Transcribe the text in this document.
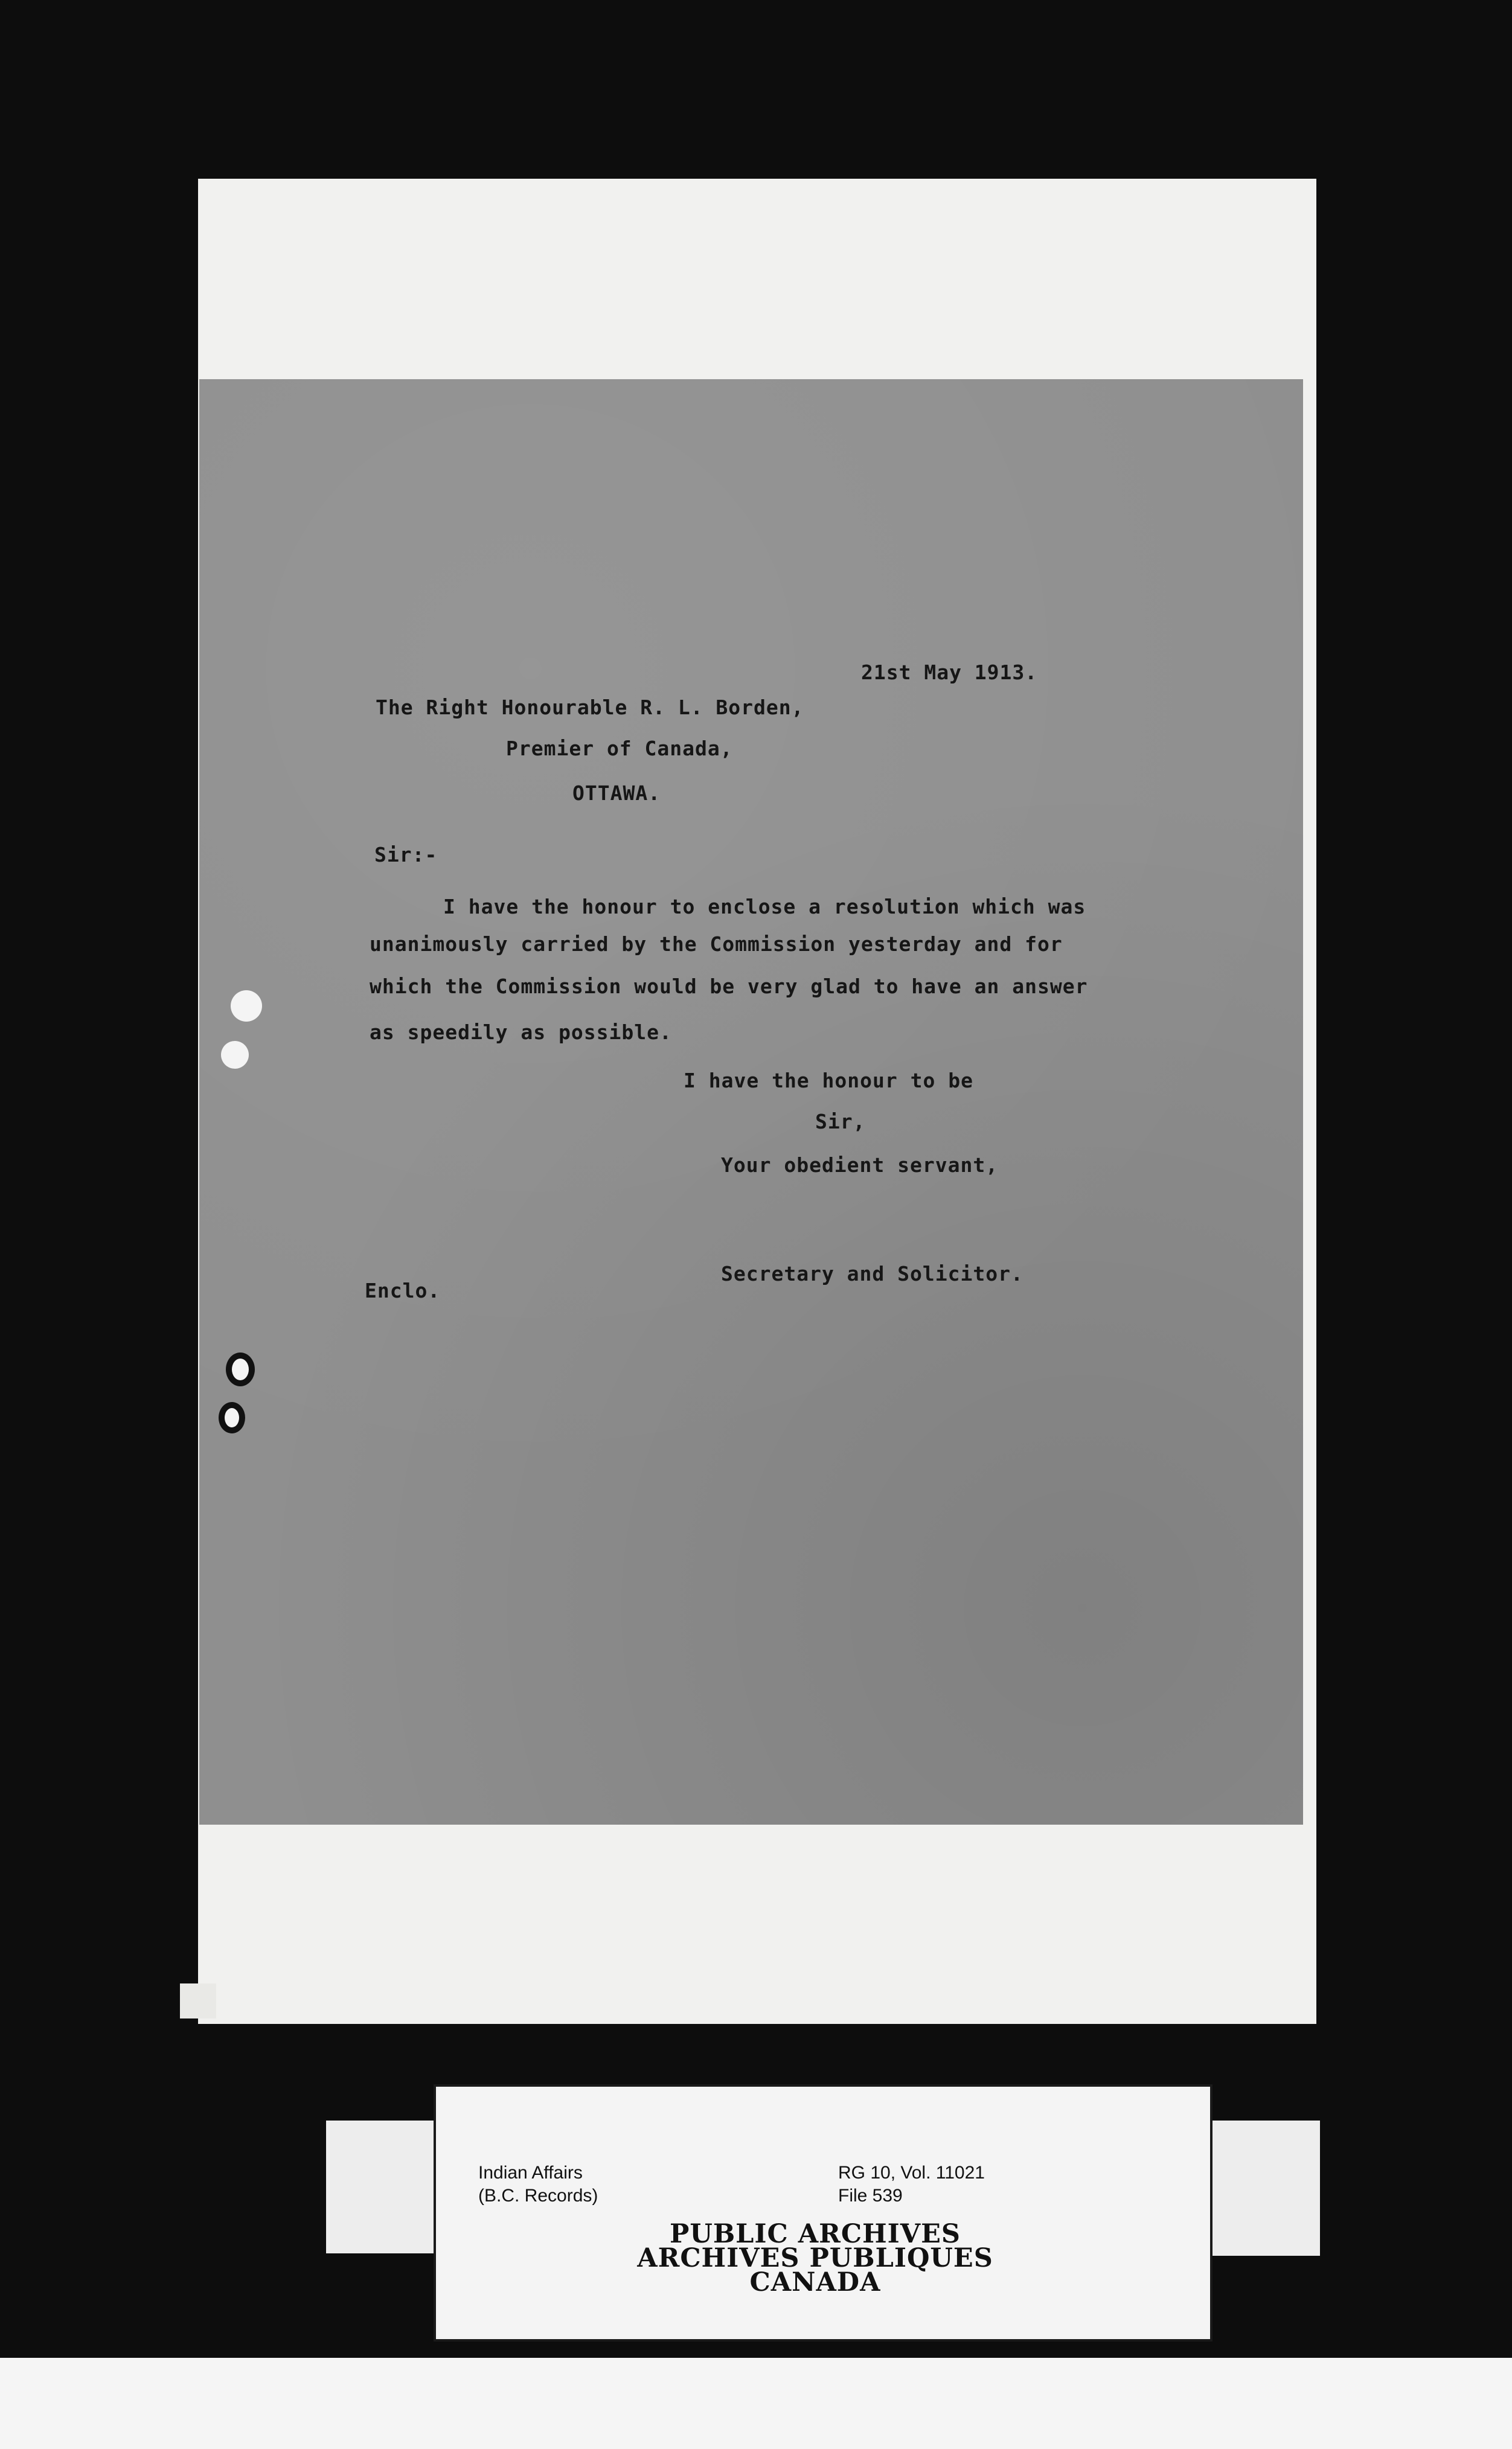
21st May 1913.
The Right Honourable R. L. Borden,
Premier of Canada,
OTTAWA.
Sir:-
I have the honour to enclose a resolution which was
unanimously carried by the Commission yesterday and for
which the Commission would be very glad to have an answer
as speedily as possible.
I have the honour to be
Sir,
Your obedient servant,
Secretary and Solicitor.
Enclo.
Indian Affairs
(B.C. Records)
RG 10, Vol. 11021
File 539
PUBLIC ARCHIVES
ARCHIVES PUBLIQUES
CANADA
